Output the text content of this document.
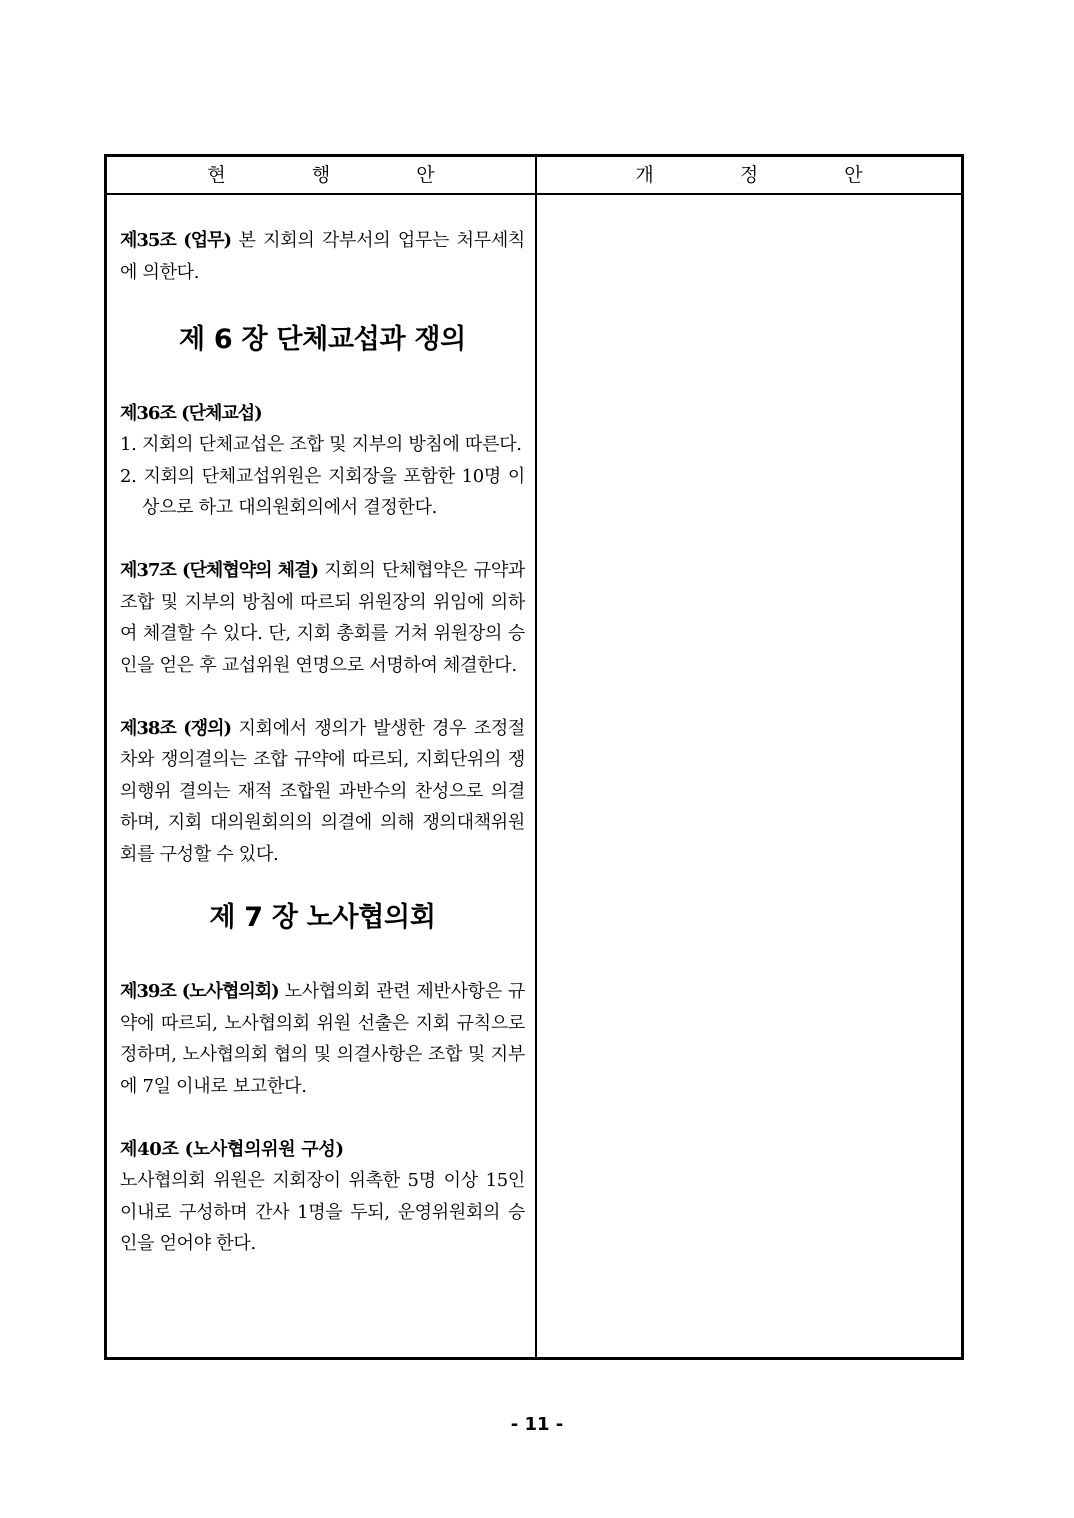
현 행 안	개 정 안

제35조 (업무) 본 지회의 각부서의 업무는 처무세칙에 의한다.

제 6 장 단체교섭과 쟁의

제36조 (단체교섭)

1. 지회의 단체교섭은 조합 및 지부의 방침에 따른다.

2. 지회의 단체교섭위원은 지회장을 포함한 10명 이상으로 하고 대의원회의에서 결정한다.

제37조 (단체협약의 체결) 지회의 단체협약은 규약과 조합 및 지부의 방침에 따르되 위원장의 위임에 의하여 체결할 수 있다. 단, 지회 총회를 거쳐 위원장의 승인을 얻은 후 교섭위원 연명으로 서명하여 체결한다.

제38조 (쟁의) 지회에서 쟁의가 발생한 경우 조정절차와 쟁의결의는 조합 규약에 따르되, 지회단위의 쟁의행위 결의는 재적 조합원 과반수의 찬성으로 의결하며, 지회 대의원회의의 의결에 의해 쟁의대책위원회를 구성할 수 있다.

제 7 장 노사협의회

제39조 (노사협의회) 노사협의회 관련 제반사항은 규약에 따르되, 노사협의회 위원 선출은 지회 규칙으로 정하며, 노사협의회 협의 및 의결사항은 조합 및 지부에 7일 이내로 보고한다.

제40조 (노사협의위원 구성)

노사협의회 위원은 지회장이 위촉한 5명 이상 15인 이내로 구성하며 간사 1명을 두되, 운영위원회의 승인을 얻어야 한다.

- 11 -
